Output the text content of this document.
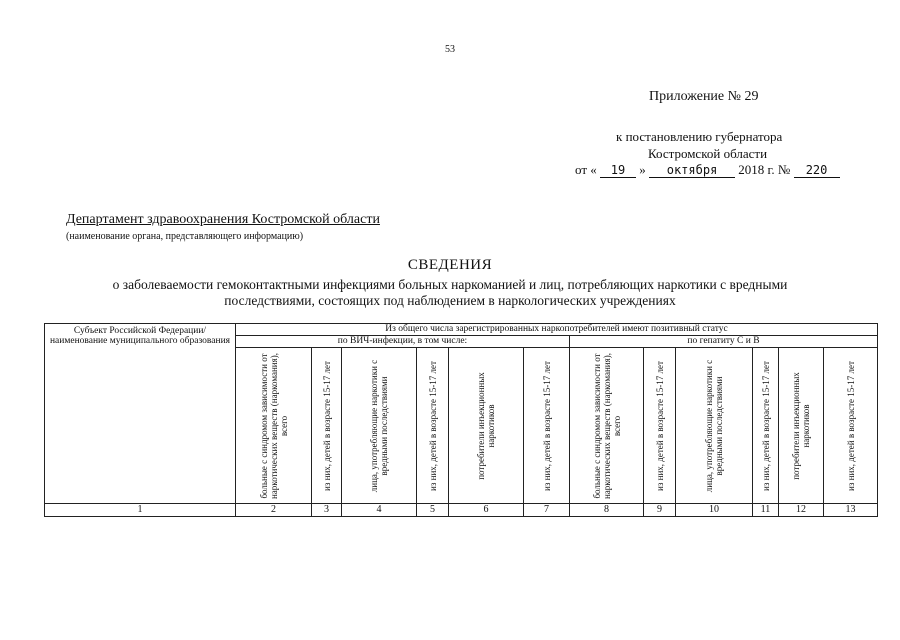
53
Приложение № 29
к постановлению губернатора
Костромской области
от « 19 » октября 2018 г. № 220
Департамент здравоохранения Костромской области
(наименование органа, представляющего информацию)
СВЕДЕНИЯ
о заболеваемости гемоконтактными инфекциями больных наркоманией и лиц, потребляющих наркотики с вредными
последствиями, состоящих под наблюдением в наркологических учреждениях
Субъект Российской Федерации/ наименование муниципального образования	Из общего числа зарегистрированных наркопотребителей имеют позитивный статус											
	по ВИЧ-инфекции, в том числе:						по гепатиту С и В					

	больные с синдромом зависимости от наркотических веществ (наркомания), всего	из них, детей в возрасте 15-17 лет	лица, употребляющие наркотики с вредными последствиями	из них, детей в возрасте 15-17 лет	потребители инъекционных наркотиков	из них, детей в возрасте 15-17 лет	больные с синдромом зависимости от наркотических веществ (наркомания), всего	из них, детей в возрасте 15-17 лет	лица, употребляющие наркотики с вредными последствиями	из них, детей в возрасте 15-17 лет	потребители инъекционных наркотиков	из них, детей в возрасте 15-17 лет

1	2	3	4	5	6	7	8	9	10	11	12	13
